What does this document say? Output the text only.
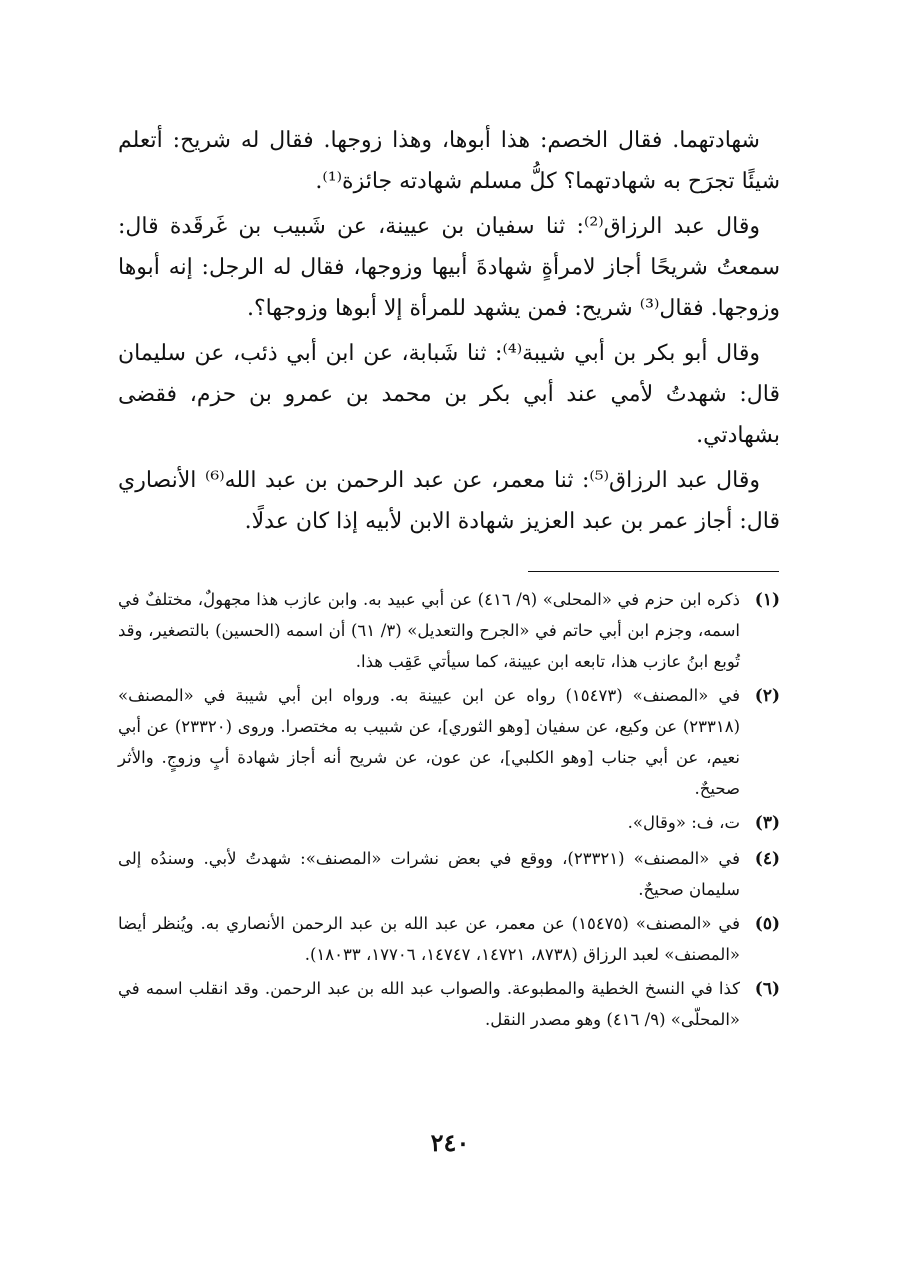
شهادتهما. فقال الخصم: هذا أبوها، وهذا زوجها. فقال له شريح: أتعلم شيئًا تجرَح به شهادتهما؟ كلُّ مسلم شهادته جائزة⁽¹⁾.

وقال عبد الرزاق⁽²⁾: ثنا سفيان بن عيينة، عن شَبيب بن غَرقَدة قال: سمعتُ شريحًا أجاز لامرأةٍ شهادةَ أبيها وزوجها، فقال له الرجل: إنه أبوها وزوجها. فقال⁽³⁾ شريح: فمن يشهد للمرأة إلا أبوها وزوجها؟.

وقال أبو بكر بن أبي شيبة⁽⁴⁾: ثنا شَبابة، عن ابن أبي ذئب، عن سليمان قال: شهدتُ لأمي عند أبي بكر بن محمد بن عمرو بن حزم، فقضى بشهادتي.

وقال عبد الرزاق⁽⁵⁾: ثنا معمر، عن عبد الرحمن بن عبد الله⁽⁶⁾ الأنصاري قال: أجاز عمر بن عبد العزيز شهادة الابن لأبيه إذا كان عدلًا.

(١)

ذكره ابن حزم في «المحلى» (٩/ ٤١٦) عن أبي عبيد به. وابن عازب هذا مجهولٌ، مختلفٌ في اسمه، وجزم ابن أبي حاتم في «الجرح والتعديل» (٣/ ٦١) أن اسمه (الحسين) بالتصغير، وقد تُوبع ابنُ عازب هذا، تابعه ابن عيينة، كما سيأتي عَقِب هذا.

(٢)

في «المصنف» (١٥٤٧٣) رواه عن ابن عيينة به. ورواه ابن أبي شيبة في «المصنف» (٢٣٣١٨) عن وكيع، عن سفيان [وهو الثوري]، عن شبيب به مختصرا. وروى (٢٣٣٢٠) عن أبي نعيم، عن أبي جناب [وهو الكلبي]، عن عون، عن شريح أنه أجاز شهادة أبٍ وزوجٍ. والأثر صحيحٌ.

(٣)

ت، ف: «وقال».

(٤)

في «المصنف» (٢٣٣٢١)، ووقع في بعض نشرات «المصنف»: شهدتُ لأبي. وسندُه إلى سليمان صحيحٌ.

(٥)

في «المصنف» (١٥٤٧٥) عن معمر، عن عبد الله بن عبد الرحمن الأنصاري به. ويُنظر أيضا «المصنف» لعبد الرزاق (٨٧٣٨، ١٤٧٢١، ١٤٧٤٧، ١٧٧٠٦، ١٨٠٣٣).

(٦)

كذا في النسخ الخطية والمطبوعة. والصواب عبد الله بن عبد الرحمن. وقد انقلب اسمه في «المحلّى» (٩/ ٤١٦) وهو مصدر النقل.

٢٤٠
